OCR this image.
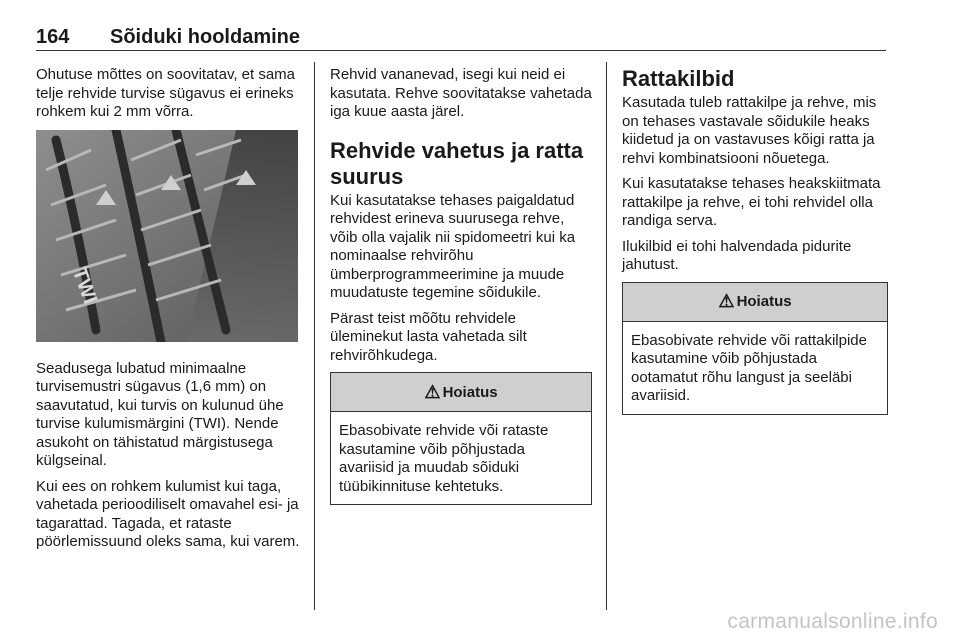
164 Sõiduki hooldamine

Ohutuse mõttes on soovitatav, et sama telje rehvide turvise sügavus ei erineks rohkem kui 2 mm võrra.

TWI

Seadusega lubatud minimaalne turvisemustri sügavus (1,6 mm) on saavutatud, kui turvis on kulunud ühe turvise kulumismärgini (TWI). Nende asukoht on tähistatud märgistusega külgseinal.

Kui ees on rohkem kulumist kui taga, vahetada perioodiliselt omavahel esi- ja tagarattad. Tagada, et rataste pöörlemissuund oleks sama, kui varem.

Rehvid vananevad, isegi kui neid ei kasutata. Rehve soovitatakse vahetada iga kuue aasta järel.

Rehvide vahetus ja ratta suurus

Kui kasutatakse tehases paigaldatud rehvidest erineva suurusega rehve, võib olla vajalik nii spidomeetri kui ka nominaalse rehvirõhu ümberprogrammeerimine ja muude muudatuste tegemine sõidukile.

Pärast teist mõõtu rehvidele üleminekut lasta vahetada silt rehvirõhkudega.

⚠ Hoiatus
Ebasobivate rehvide või rataste kasutamine võib põhjustada avariisid ja muudab sõiduki tüübikinnituse kehtetuks.
Rattakilbid

Kasutada tuleb rattakilpe ja rehve, mis on tehases vastavale sõidukile heaks kiidetud ja on vastavuses kõigi ratta ja rehvi kombinatsiooni nõuetega.

Kui kasutatakse tehases heakskiitmata rattakilpe ja rehve, ei tohi rehvidel olla randiga serva.

Ilukilbid ei tohi halvendada pidurite jahutust.

⚠ Hoiatus
Ebasobivate rehvide või rattakilpide kasutamine võib põhjustada ootamatut rõhu langust ja seeläbi avariisid.
carmanualsonline.info
